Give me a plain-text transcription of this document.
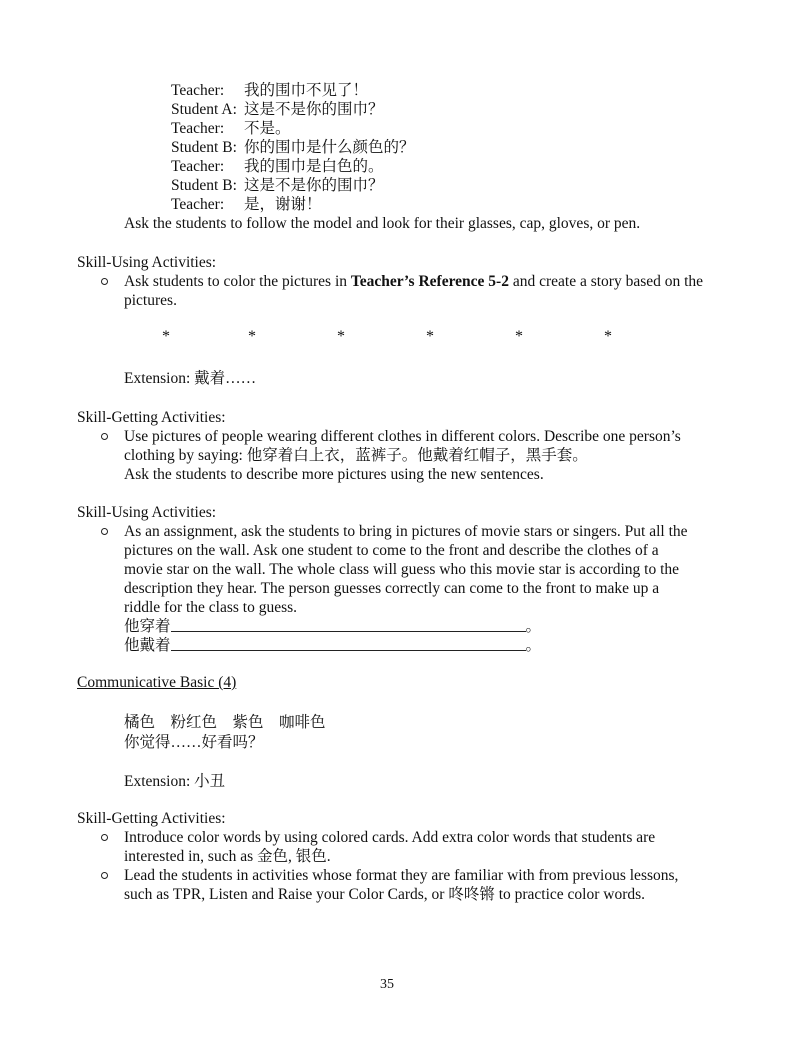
Teacher: 我的围巾不见了！
Student A: 这是不是你的围巾？
Teacher: 不是。
Student B: 你的围巾是什么颜色的？
Teacher: 我的围巾是白色的。
Student B: 这是不是你的围巾？
Teacher: 是，谢谢！
Ask the students to follow the model and look for their glasses, cap, gloves, or pen.
Skill-Using Activities:
Ask students to color the pictures in Teacher’s Reference 5-2 and create a story based on the pictures.
*	*	*	*	*	*
Extension: 戴着……
Skill-Getting Activities:
Use pictures of people wearing different clothes in different colors. Describe one person’s clothing by saying: 他穿着白上衣，蓝裤子。他戴着红帽子，黑手套。
Ask the students to describe more pictures using the new sentences.
Skill-Using Activities:
As an assignment, ask the students to bring in pictures of movie stars or singers. Put all the pictures on the wall. Ask one student to come to the front and describe the clothes of a movie star on the wall. The whole class will guess who this movie star is according to the description they hear. The person guesses correctly can come to the front to make up a riddle for the class to guess.
他穿着	。
他戴着	。
Communicative Basic (4)
橘色　粉红色　紫色　咖啡色
你觉得……好看吗？
Extension: 小丑
Skill-Getting Activities:
Introduce color words by using colored cards. Add extra color words that students are interested in, such as 金色, 银色.
Lead the students in activities whose format they are familiar with from previous lessons, such as TPR, Listen and Raise your Color Cards, or 咚咚锵 to practice color words.
35
